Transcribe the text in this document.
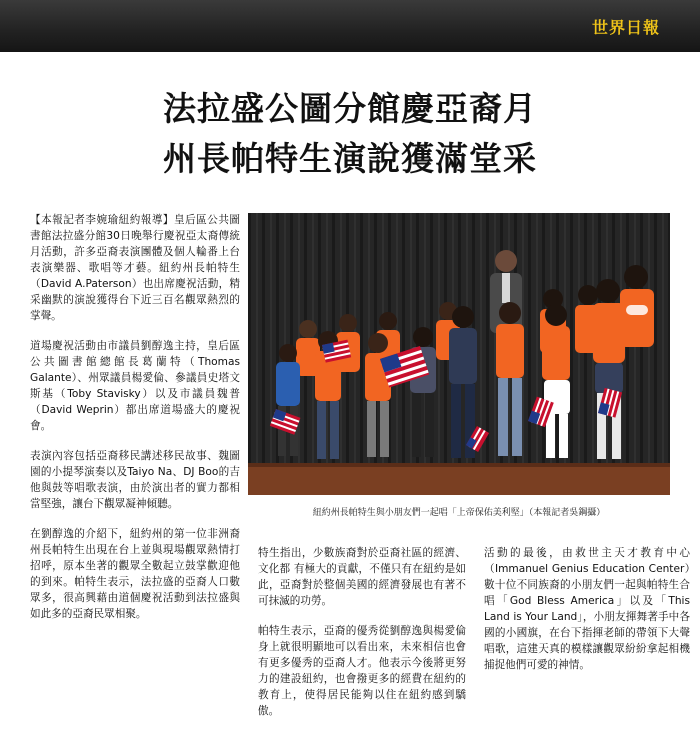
世界日報
法拉盛公圖分館慶亞裔月
州長帕特生演說獲滿堂采

【本報記者李婉瑜紐約報導】皇后區公共圖書館法拉盛分館30日晚舉行慶祝亞太裔傳統月活動，許多亞裔表演團體及個人輪番上台表演樂器、歌唱等才藝。紐約州長帕特生（David A.Paterson）也出席慶祝活動，精采幽默的演說獲得台下近三百名觀眾熱烈的掌聲。

道場慶祝活動由市議員劉醇逸主持，皇后區公共圖書館總館長葛蘭特（Thomas Galante）、州眾議員楊愛倫、參議員史塔文斯基（Toby Stavisky）以及市議員魏普（David Weprin）都出席道場盛大的慶祝會。

表演內容包括亞裔移民講述移民故事、魏圖園的小提琴演奏以及Taiyo Na、DJ Boo的吉他與鼓等唱歌表演，由於演出者的實力都相當堅強，讓台下觀眾凝神傾聽。

在劉醇逸的介紹下，紐約州的第一位非洲裔州長帕特生出現在台上並與現場觀眾熱情打招呼，原本坐著的觀眾全數起立鼓掌歡迎他的到來。帕特生表示，法拉盛的亞裔人口數眾多，很高興藉由道個慶祝活動到法拉盛與如此多的亞裔民眾相聚。

紐約州長帕特生與小朋友們一起唱「上帝保佑美利堅」（本報記者吳鋼攝）

特生指出，少數族裔對於亞裔社區的經濟、文化都 有極大的貢獻，不僅只有在紐約是如此，亞裔對於整個美國的經濟發展也有著不可抹滅的功勞。

帕特生表示，亞裔的優秀從劉醇逸與楊愛倫身上就很明顯地可以看出來，未來相信也會有更多優秀的亞裔人才。他表示今後將更努力的建設紐約，也會撥更多的經費在紐約的教育上，使得居民能夠以住在紐約感到驕傲。

活動的最後，由救世主天才教育中心（Immanuel Genius Education Center）數十位不同族裔的小朋友們一起與帕特生合唱「God Bless America」以及「This Land is Your Land」，小朋友揮舞著手中各國的小國旗，在台下指揮老師的帶領下大聲唱歌，這建天真的模樣讓觀眾紛紛拿起相機捕捉他們可愛的神情。
